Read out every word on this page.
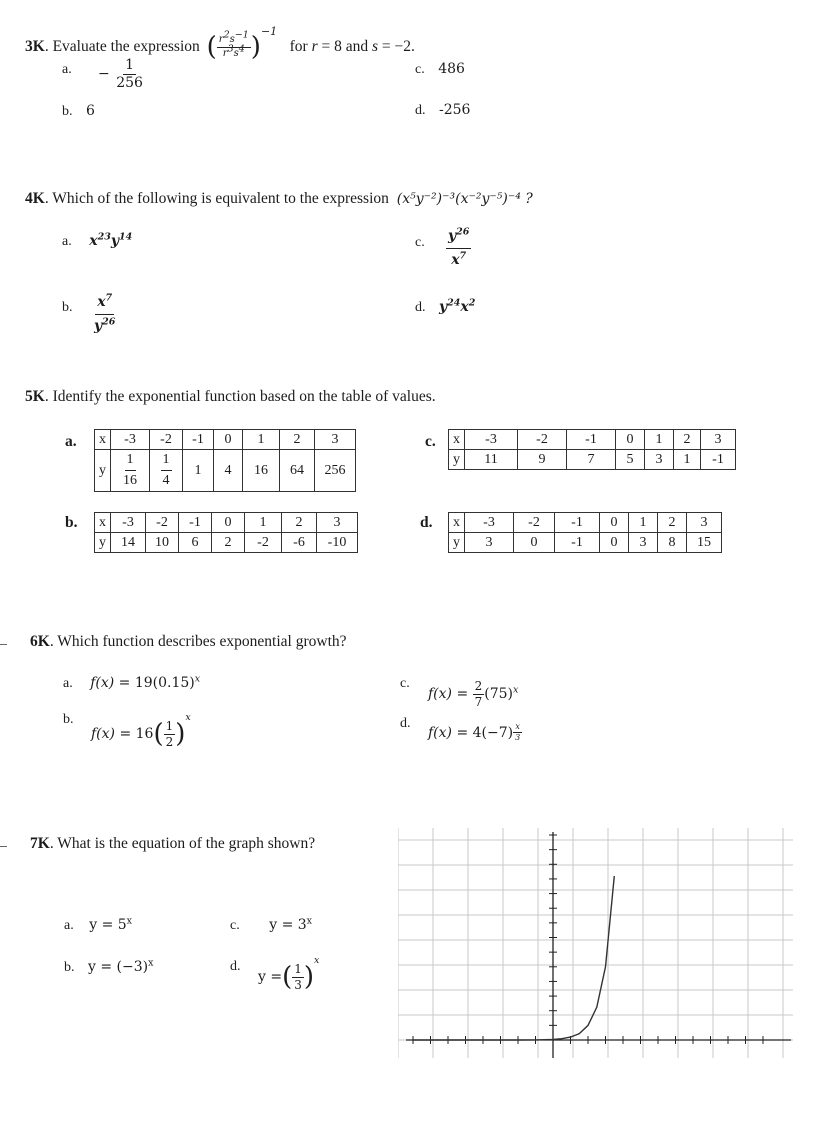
3K. Evaluate the expression ( $\frac{r^2s^{-1}}{r^3s^4} )^{-1}$ for r = 8 and s = −2.
a. − $\frac{1}{256}$
b. 6
c. 486
d. -256
4K. Which of the following is equivalent to the expression (x⁵y⁻²)⁻³(x⁻²y⁻⁵)⁻⁴ ?
a. $x^{23}y^{14}$
b. $\frac{x^7}{y^{26}}$
c. $\frac{y^{26}}{x^7}$
d. $y^{24}x^2$
5K. Identify the exponential function based on the table of values.
a. x	-3	-2	-1	0	1	2	3
y	$\frac{1}{16}$	$\frac{1}{4}$	1	4	16	64	256
b. x	-3	-2	-1	0	1	2	3
y	14	10	6	2	-2	-6	-10
c. x	-3	-2	-1	0	1	2	3
y	11	9	7	5	3	1	-1
d. x	-3	-2	-1	0	1	2	3
y	3	0	-1	0	3	8	15
6K. Which function describes exponential growth?
a. $f(x) = 19(0.15)^x$
b.
$f(x) = 16( \frac{1}{2} )^x$
c.
$f(x) = \frac{2}{7} (75)^x$
d.
$f(x) = 4(-7) \frac{x}{3}$
7K. What is the equation of the graph shown?
a. $y = 5^x$
b. $y = (-3)^x$
c. $y = 3^x$
d.
y =( $\frac{1}{3} )^x$
